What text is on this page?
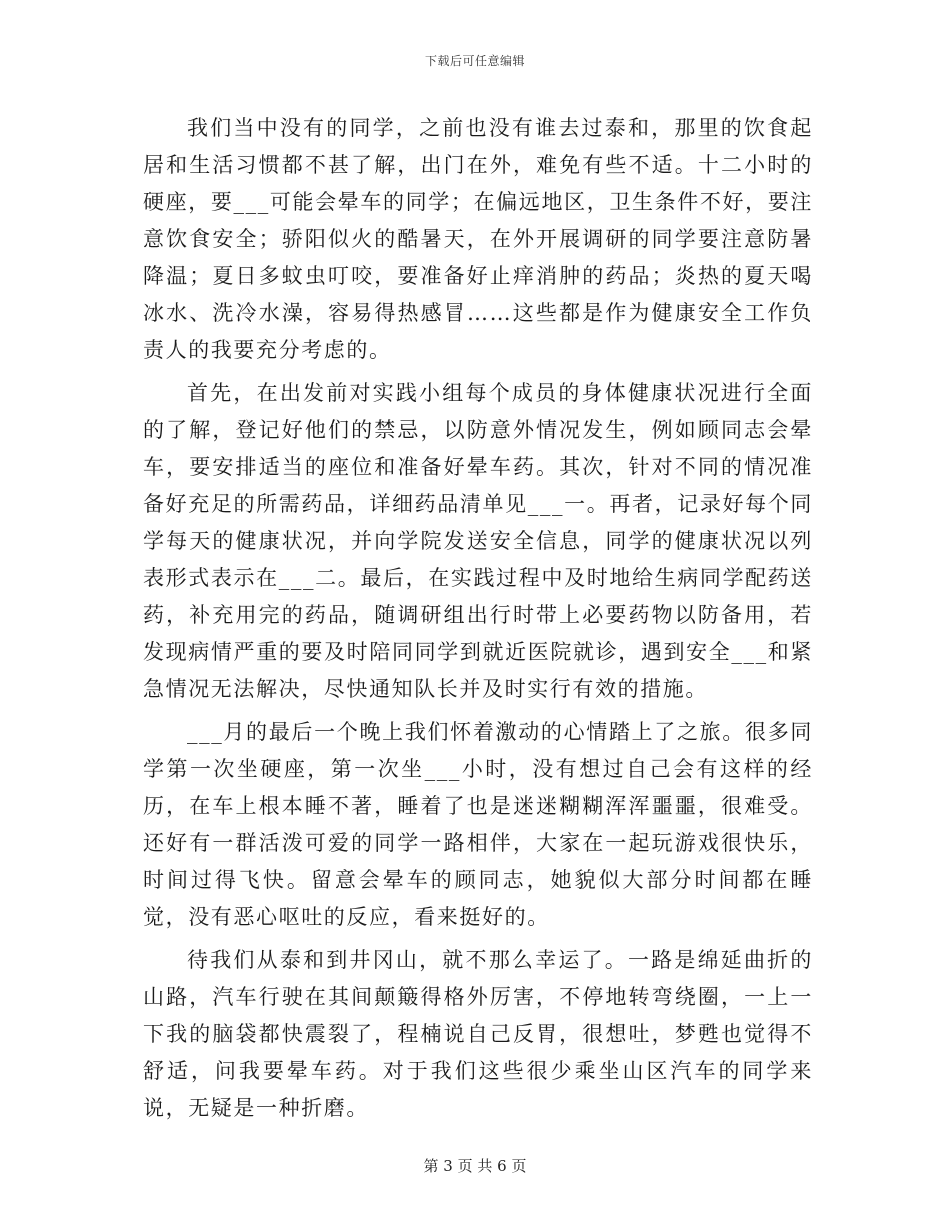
下载后可任意编辑

我们当中没有的同学，之前也没有谁去过泰和，那里的饮食起居和生活习惯都不甚了解，出门在外，难免有些不适。十二小时的硬座，要___可能会晕车的同学；在偏远地区，卫生条件不好，要注意饮食安全；骄阳似火的酷暑天，在外开展调研的同学要注意防暑降温；夏日多蚊虫叮咬，要准备好止痒消肿的药品；炎热的夏天喝冰水、洗冷水澡，容易得热感冒……这些都是作为健康安全工作负责人的我要充分考虑的。

首先，在出发前对实践小组每个成员的身体健康状况进行全面的了解，登记好他们的禁忌，以防意外情况发生，例如顾同志会晕车，要安排适当的座位和准备好晕车药。其次，针对不同的情况准备好充足的所需药品，详细药品清单见___一。再者，记录好每个同学每天的健康状况，并向学院发送安全信息，同学的健康状况以列表形式表示在___二。最后，在实践过程中及时地给生病同学配药送药，补充用完的药品，随调研组出行时带上必要药物以防备用，若发现病情严重的要及时陪同同学到就近医院就诊，遇到安全___和紧急情况无法解决，尽快通知队长并及时实行有效的措施。

___月的最后一个晚上我们怀着激动的心情踏上了之旅。很多同学第一次坐硬座，第一次坐___小时，没有想过自己会有这样的经历，在车上根本睡不著，睡着了也是迷迷糊糊浑浑噩噩，很难受。还好有一群活泼可爱的同学一路相伴，大家在一起玩游戏很快乐，时间过得飞快。留意会晕车的顾同志，她貌似大部分时间都在睡觉，没有恶心呕吐的反应，看来挺好的。

待我们从泰和到井冈山，就不那么幸运了。一路是绵延曲折的山路，汽车行驶在其间颠簸得格外厉害，不停地转弯绕圈，一上一下我的脑袋都快震裂了，程楠说自己反胃，很想吐，梦甦也觉得不舒适，问我要晕车药。对于我们这些很少乘坐山区汽车的同学来说，无疑是一种折磨。

第 3 页 共 6 页
